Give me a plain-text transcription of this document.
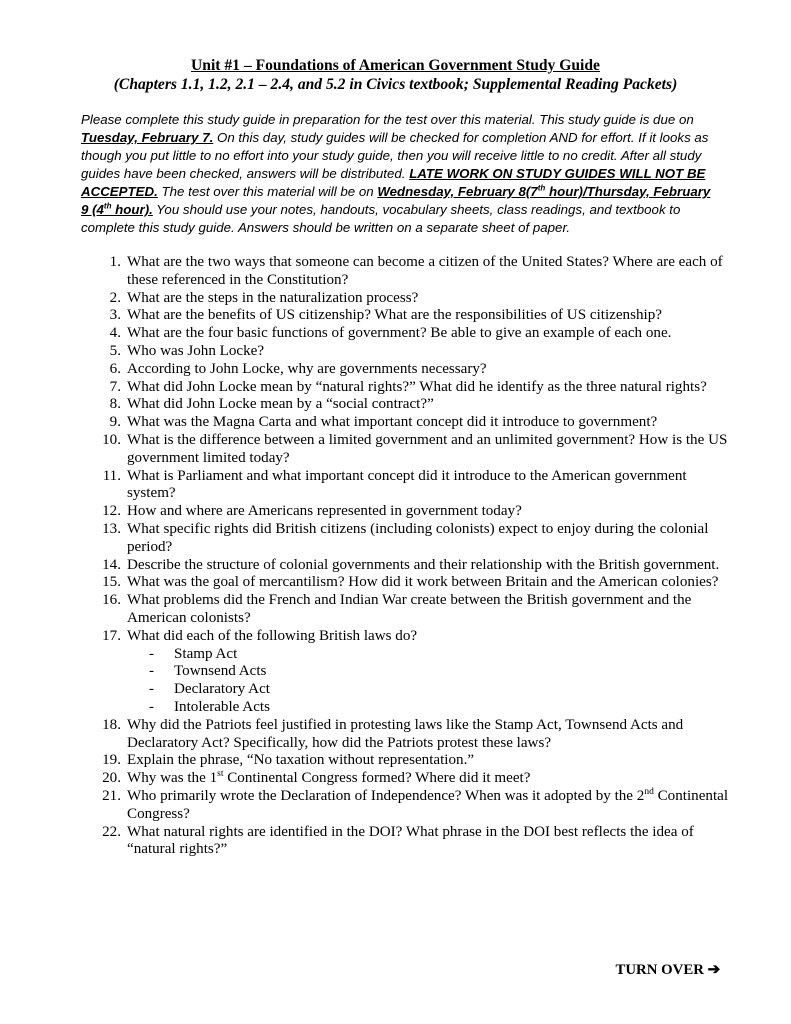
Unit #1 – Foundations of American Government Study Guide
(Chapters 1.1, 1.2, 2.1 – 2.4, and 5.2 in Civics textbook; Supplemental Reading Packets)
Please complete this study guide in preparation for the test over this material. This study guide is due on Tuesday, February 7. On this day, study guides will be checked for completion AND for effort. If it looks as though you put little to no effort into your study guide, then you will receive little to no credit. After all study guides have been checked, answers will be distributed. LATE WORK ON STUDY GUIDES WILL NOT BE ACCEPTED. The test over this material will be on Wednesday, February 8(7th hour)/Thursday, February 9 (4th hour). You should use your notes, handouts, vocabulary sheets, class readings, and textbook to complete this study guide. Answers should be written on a separate sheet of paper.
1. What are the two ways that someone can become a citizen of the United States? Where are each of these referenced in the Constitution?
2. What are the steps in the naturalization process?
3. What are the benefits of US citizenship? What are the responsibilities of US citizenship?
4. What are the four basic functions of government? Be able to give an example of each one.
5. Who was John Locke?
6. According to John Locke, why are governments necessary?
7. What did John Locke mean by “natural rights?” What did he identify as the three natural rights?
8. What did John Locke mean by a “social contract?”
9. What was the Magna Carta and what important concept did it introduce to government?
10. What is the difference between a limited government and an unlimited government? How is the US government limited today?
11. What is Parliament and what important concept did it introduce to the American government system?
12. How and where are Americans represented in government today?
13. What specific rights did British citizens (including colonists) expect to enjoy during the colonial period?
14. Describe the structure of colonial governments and their relationship with the British government.
15. What was the goal of mercantilism? How did it work between Britain and the American colonies?
16. What problems did the French and Indian War create between the British government and the American colonists?
17. What did each of the following British laws do?
- Stamp Act
- Townsend Acts
- Declaratory Act
- Intolerable Acts
18. Why did the Patriots feel justified in protesting laws like the Stamp Act, Townsend Acts and Declaratory Act? Specifically, how did the Patriots protest these laws?
19. Explain the phrase, “No taxation without representation.”
20. Why was the 1st Continental Congress formed? Where did it meet?
21. Who primarily wrote the Declaration of Independence? When was it adopted by the 2nd Continental Congress?
22. What natural rights are identified in the DOI? What phrase in the DOI best reflects the idea of “natural rights?”
TURN OVER ➔
